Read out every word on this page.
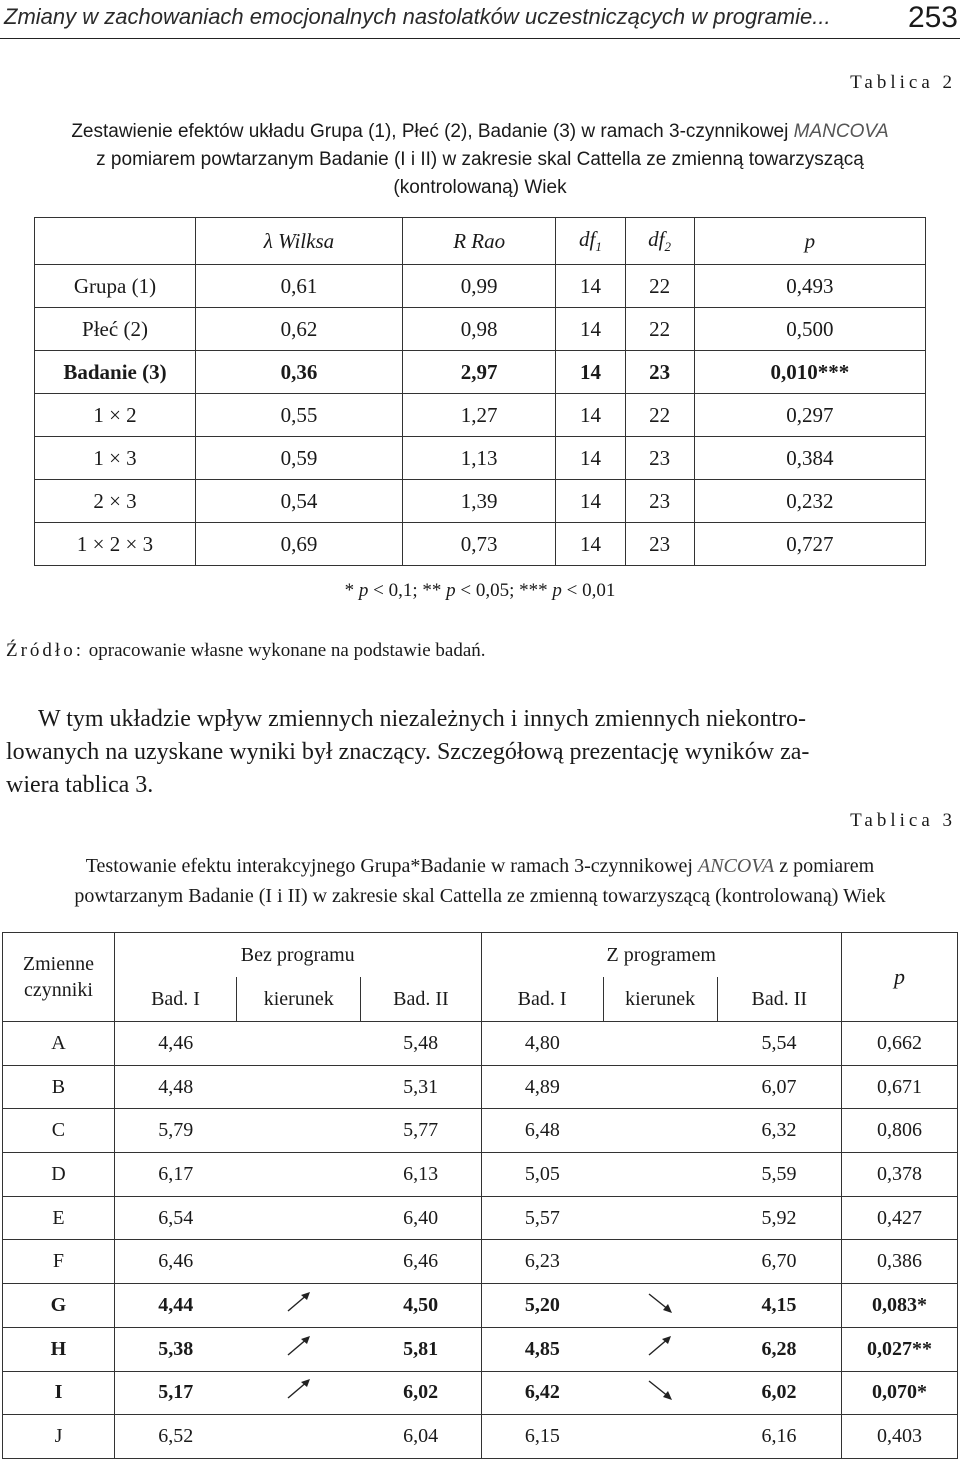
Zmiany w zachowaniach emocjonalnych nastolatków uczestniczących w programie...	253
Tablica 2
Zestawienie efektów układu Grupa (1), Płeć (2), Badanie (3) w ramach 3-czynnikowej MANCOVA
z pomiarem powtarzanym Badanie (I i II) w zakresie skal Cattella ze zmienną towarzyszącą
(kontrolowaną) Wiek
	λ Wilksa	R Rao	$df_1$	$df_2$	p
Grupa (1)	0,61	0,99	14	22	0,493
Płeć (2)	0,62	0,98	14	22	0,500
Badanie (3)	0,36	2,97	14	23	0,010***
1 × 2	0,55	1,27	14	22	0,297
1 × 3	0,59	1,13	14	23	0,384
2 × 3	0,54	1,39	14	23	0,232
1 × 2 × 3	0,69	0,73	14	23	0,727
* p < 0,1; ** p < 0,05; *** p < 0,01
Źródło: opracowanie własne wykonane na podstawie badań.
W tym układzie wpływ zmiennych niezależnych i innych zmiennych niekontro-
lowanych na uzyskane wyniki był znaczący. Szczegółową prezentację wyników za-
wiera tablica 3.
Tablica 3
Testowanie efektu interakcyjnego Grupa*Badanie w ramach 3-czynnikowej ANCOVA z pomiarem
powtarzanym Badanie (I i II) w zakresie skal Cattella ze zmienną towarzyszącą (kontrolowaną) Wiek
Zmienne czynniki	Bez programu			Z programem			p
	Bad. I	kierunek	Bad. II	Bad. I	kierunek	Bad. II	
A	4,46		5,48	4,80		5,54	0,662
B	4,48		5,31	4,89		6,07	0,671
C	5,79		5,77	6,48		6,32	0,806
D	6,17		6,13	5,05		5,59	0,378
E	6,54		6,40	5,57		5,92	0,427
F	6,46		6,46	6,23		6,70	0,386
G	4,44		4,50	5,20		4,15	0,083*
H	5,38		5,81	4,85		6,28	0,027**
I	5,17		6,02	6,42		6,02	0,070*
J	6,52		6,04	6,15		6,16	0,403
